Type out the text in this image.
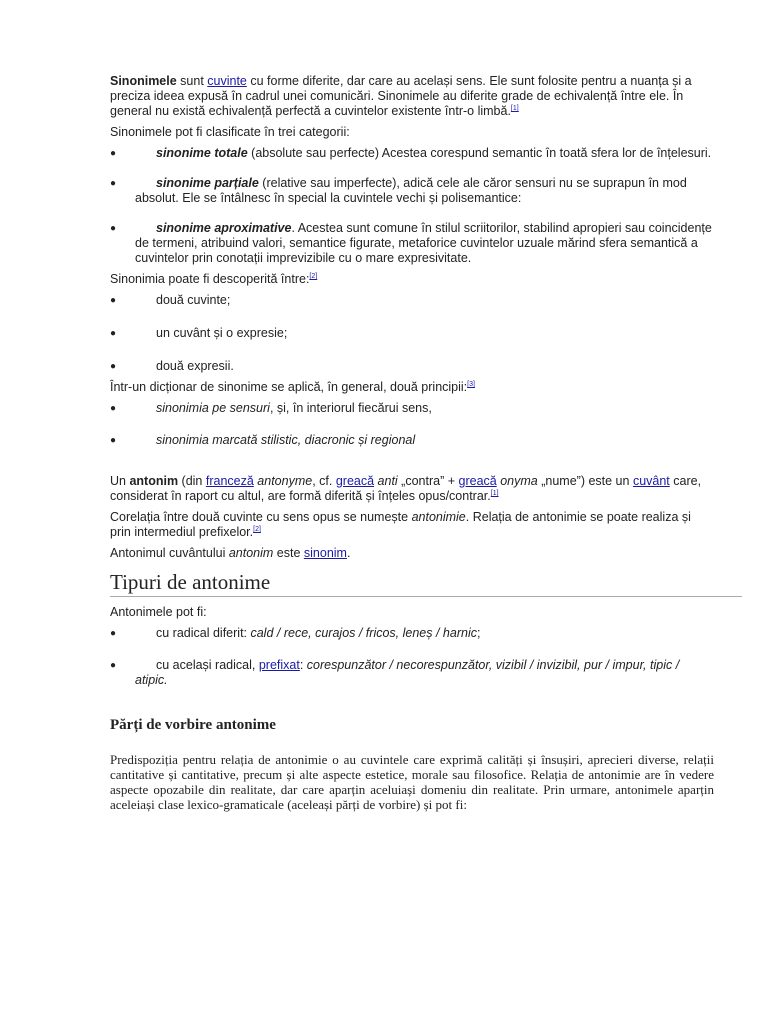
Sinonimele sunt cuvinte cu forme diferite, dar care au același sens. Ele sunt folosite pentru a nuanța și a preciza ideea expusă în cadrul unei comunicări. Sinonimele au diferite grade de echivalență între ele. În general nu există echivalență perfectă a cuvintelor existente într-o limbă.[1]

Sinonimele pot fi clasificate în trei categorii:

●	sinonime totale (absolute sau perfecte) Acestea corespund semantic în toată sfera lor de înțelesuri.
●	sinonime parțiale (relative sau imperfecte), adică cele ale căror sensuri nu se suprapun în mod absolut. Ele se întâlnesc în special la cuvintele vechi și polisemantice:
●	sinonime aproximative. Acestea sunt comune în stilul scriitorilor, stabilind apropieri sau coincidențe de termeni, atribuind valori, semantice figurate, metaforice cuvintelor uzuale mărind sfera semantică a cuvintelor prin conotații imprevizibile cu o mare expresivitate.

Sinonimia poate fi descoperită între:[2]

●	două cuvinte;
●	un cuvânt și o expresie;
●	două expresii.

Într-un dicționar de sinonime se aplică, în general, două principii:[3]

●	sinonimia pe sensuri, și, în interiorul fiecărui sens,
●	sinonimia marcată stilistic, diacronic și regional

Un antonim (din franceză antonyme, cf. greacă anti „contra” + greacă onyma „nume”) este un cuvânt care, considerat în raport cu altul, are formă diferită și înțeles opus/contrar.[1]

Corelația între două cuvinte cu sens opus se numește antonimie. Relația de antonimie se poate realiza și prin intermediul prefixelor.[2]

Antonimul cuvântului antonim este sinonim.

Tipuri de antonime

Antonimele pot fi:

●	cu radical diferit: cald / rece, curajos / fricos, leneș / harnic;
●	cu același radical, prefixat: corespunzător / necorespunzător, vizibil / invizibil, pur / impur, tipic / atipic.
Părți de vorbire antonime

Predispoziția pentru relația de antonimie o au cuvintele care exprimă calități și însușiri, aprecieri diverse, relații cantitative și cantitative, precum și alte aspecte estetice, morale sau filosofice. Relația de antonimie are în vedere aspecte opozabile din realitate, dar care aparțin aceluiași domeniu din realitate. Prin urmare, antonimele aparțin aceleiași clase lexico-gramaticale (aceleași părți de vorbire) și pot fi:
